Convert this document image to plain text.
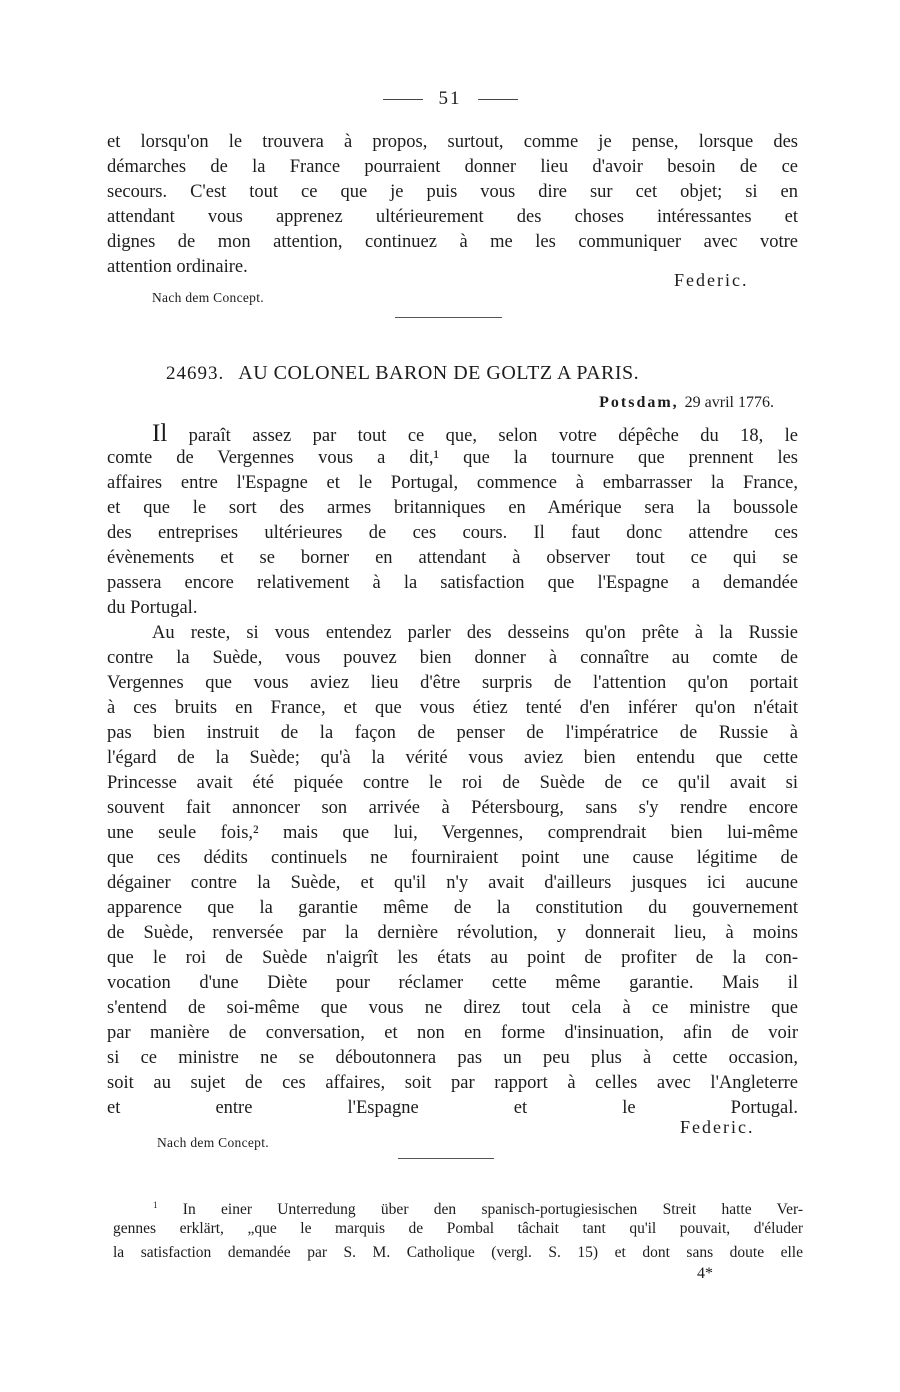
51
et lorsqu'on le trouvera à propos, surtout, comme je pense, lorsque des
démarches de la France pourraient donner lieu d'avoir besoin de ce
secours. C'est tout ce que je puis vous dire sur cet objet; si en
attendant vous apprenez ultérieurement des choses intéressantes et
dignes de mon attention, continuez à me les communiquer avec votre
attention ordinaire.
Federic.
Nach dem Concept.
24693. AU COLONEL BARON DE GOLTZ A PARIS.
Potsdam, 29 avril 1776.
Il paraît assez par tout ce que, selon votre dépêche du 18, le
comte de Vergennes vous a dit,¹ que la tournure que prennent les
affaires entre l'Espagne et le Portugal, commence à embarrasser la France,
et que le sort des armes britanniques en Amérique sera la boussole
des entreprises ultérieures de ces cours. Il faut donc attendre ces
évènements et se borner en attendant à observer tout ce qui se
passera encore relativement à la satisfaction que l'Espagne a demandée
du Portugal.
Au reste, si vous entendez parler des desseins qu'on prête à la Russie
contre la Suède, vous pouvez bien donner à connaître au comte de
Vergennes que vous aviez lieu d'être surpris de l'attention qu'on portait
à ces bruits en France, et que vous étiez tenté d'en inférer qu'on n'était
pas bien instruit de la façon de penser de l'impératrice de Russie à
l'égard de la Suède; qu'à la vérité vous aviez bien entendu que cette
Princesse avait été piquée contre le roi de Suède de ce qu'il avait si
souvent fait annoncer son arrivée à Pétersbourg, sans s'y rendre encore
une seule fois,² mais que lui, Vergennes, comprendrait bien lui-même
que ces dédits continuels ne fourniraient point une cause légitime de
dégainer contre la Suède, et qu'il n'y avait d'ailleurs jusques ici aucune
apparence que la garantie même de la constitution du gouvernement
de Suède, renversée par la dernière révolution, y donnerait lieu, à moins
que le roi de Suède n'aigrît les états au point de profiter de la con-
vocation d'une Diète pour réclamer cette même garantie. Mais il
s'entend de soi-même que vous ne direz tout cela à ce ministre que
par manière de conversation, et non en forme d'insinuation, afin de voir
si ce ministre ne se déboutonnera pas un peu plus à cette occasion,
soit au sujet de ces affaires, soit par rapport à celles avec l'Angleterre
et entre l'Espagne et le Portugal.
Federic.
Nach dem Concept.
$^1$ In einer Unterredung über den spanisch-portugiesischen Streit hatte Ver-
gennes erklärt, „que le marquis de Pombal tâchait tant qu'il pouvait, d'éluder
la satisfaction demandée par S. M. Catholique (vergl. S. 15) et dont sans doute elle
4*
